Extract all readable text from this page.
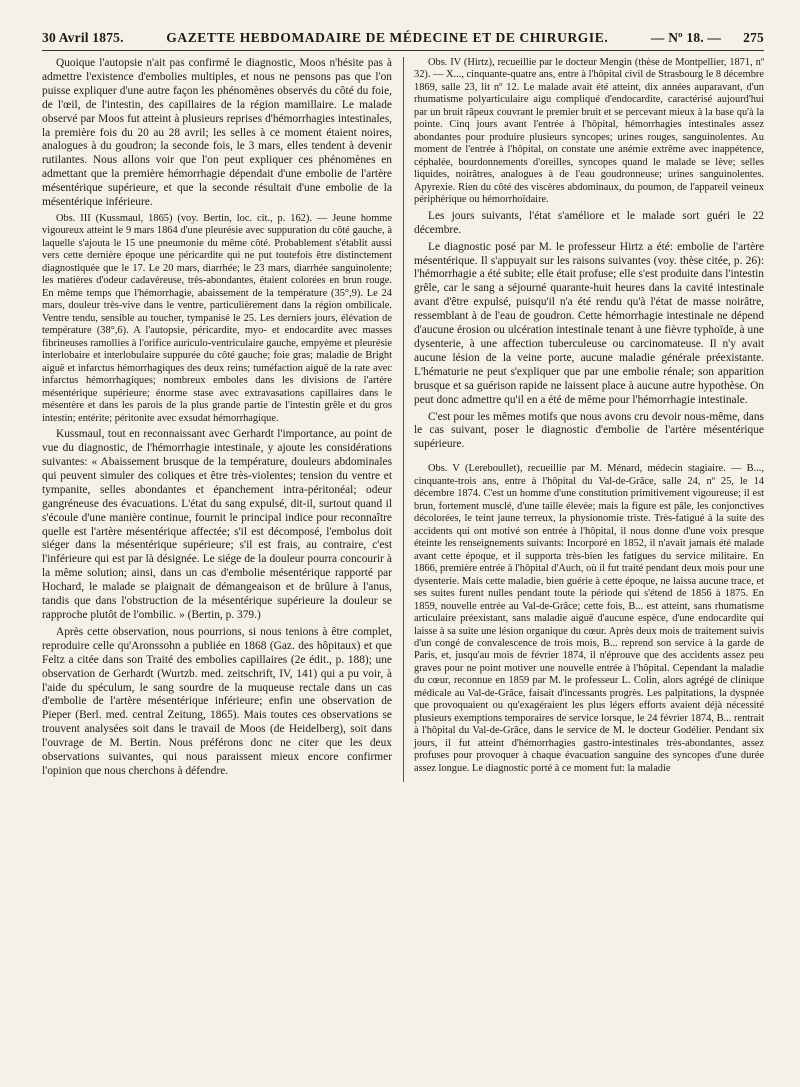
30 Avril 1875.	GAZETTE HEBDOMADAIRE DE MÉDECINE ET DE CHIRURGIE.	— Nº 18. — 275

Quoique l'autopsie n'ait pas confirmé le diagnostic, Moos n'hésite pas à admettre l'existence d'embolies multiples, et nous ne pensons pas que l'on puisse expliquer d'une autre façon les phénomènes observés du côté du foie, de l'œil, de l'intestin, des capillaires de la région mamillaire. Le malade observé par Moos fut atteint à plusieurs reprises d'hémorrhagies intestinales, la première fois du 20 au 28 avril; les selles à ce moment étaient noires, analogues à du goudron; la seconde fois, le 3 mars, elles tendent à devenir rutilantes. Nous allons voir que l'on peut expliquer ces phénomènes en admettant que la première hémorrhagie dépendait d'une embolie de l'artère mésentérique supérieure, et que la seconde résultait d'une embolie de la mésentérique inférieure.

Obs. III (Kussmaul, 1865) (voy. Bertin, loc. cit., p. 162). — Jeune homme vigoureux atteint le 9 mars 1864 d'une pleurésie avec suppuration du côté gauche, à laquelle s'ajouta le 15 une pneumonie du même côté. Probablement s'établit aussi vers cette dernière époque une péricardite qui ne put toutefois être distinctement diagnostiquée que le 17. Le 20 mars, diarrhée; le 23 mars, diarrhée sanguinolente; les matières d'odeur cadavéreuse, très-abondantes, étaient colorées en brun rouge. En même temps que l'hémorrhagie, abaissement de la température (35°,9). Le 24 mars, douleur très-vive dans le ventre, particulièrement dans la région ombilicale. Ventre tendu, sensible au toucher, tympanisé le 25. Les derniers jours, élévation de température (38°,6). A l'autopsie, péricardite, myo- et endocardite avec masses fibrineuses ramollies à l'orifice auriculo-ventriculaire gauche, empyème et pleurésie interlobaire et interlobulaire suppurée du côté gauche; foie gras; maladie de Bright aiguë et infarctus hémorrhagiques des deux reins; tuméfaction aiguë de la rate avec infarctus hémorrhagiques; nombreux emboles dans les divisions de l'artère mésentérique supérieure; énorme stase avec extravasations capillaires dans le mésentère et dans les parois de la plus grande partie de l'intestin grêle et du gros intestin; entérite; péritonite avec exsudat hémorrhagique.

Kussmaul, tout en reconnaissant avec Gerhardt l'importance, au point de vue du diagnostic, de l'hémorrhagie intestinale, y ajoute les considérations suivantes: « Abaissement brusque de la température, douleurs abdominales qui peuvent simuler des coliques et être très-violentes; tension du ventre et tympanite, selles abondantes et épanchement intra-péritonéal; odeur gangréneuse des évacuations. L'état du sang expulsé, dit-il, surtout quand il s'écoule d'une manière continue, fournit le principal indice pour reconnaître quelle est l'artère mésentérique affectée; s'il est décomposé, l'embolus doit siéger dans la mésentérique supérieure; s'il est frais, au contraire, c'est l'inférieure qui est par là désignée. Le siége de la douleur pourra concourir à la même solution; ainsi, dans un cas d'embolie mésentérique rapporté par Hochard, le malade se plaignait de démangeaison et de brûlure à l'anus, tandis que dans l'obstruction de la mésentérique supérieure la douleur se rapproche plutôt de l'ombilic. » (Bertin, p. 379.)

Après cette observation, nous pourrions, si nous tenions à être complet, reproduire celle qu'Aronssohn a publiée en 1868 (Gaz. des hôpitaux) et que Feltz a citée dans son Traité des embolies capillaires (2e édit., p. 188); une observation de Gerhardt (Wurtzb. med. zeitschrift, IV, 141) qui a pu voir, à l'aide du spéculum, le sang sourdre de la muqueuse rectale dans un cas d'embolie de l'artère mésentérique inférieure; enfin une observation de Pieper (Berl. med. central Zeitung, 1865). Mais toutes ces observations se trouvent analysées soit dans le travail de Moos (de Heidelberg), soit dans l'ouvrage de M. Bertin. Nous préférons donc ne citer que les deux observations suivantes, qui nous paraissent mieux encore confirmer l'opinion que nous cherchons à défendre.

Obs. IV (Hirtz), recueillie par le docteur Mengin (thèse de Montpellier, 1871, nº 32). — X..., cinquante-quatre ans, entre à l'hôpital civil de Strasbourg le 8 décembre 1869, salle 23, lit nº 12. Le malade avait été atteint, dix années auparavant, d'un rhumatisme polyarticulaire aigu compliqué d'endocardite, caractérisé aujourd'hui par un bruit râpeux couvrant le premier bruit et se percevant mieux à la base qu'à la pointe. Cinq jours avant l'entrée à l'hôpital, hémorrhagies intestinales assez abondantes pour produire plusieurs syncopes; urines rouges, sanguinolentes. Au moment de l'entrée à l'hôpital, on constate une anémie extrême avec inappétence, céphalée, bourdonnements d'oreilles, syncopes quand le malade se lève; selles liquides, noirâtres, analogues à de l'eau goudronneuse; urines sanguinolentes. Apyrexie. Rien du côté des viscères abdominaux, du poumon, de l'appareil veineux périphérique ou hémorrhoïdaire.

Les jours suivants, l'état s'améliore et le malade sort guéri le 22 décembre.

Le diagnostic posé par M. le professeur Hirtz a été: embolie de l'artère mésentérique. Il s'appuyait sur les raisons suivantes (voy. thèse citée, p. 26): l'hémorrhagie a été subite; elle était profuse; elle s'est produite dans l'intestin grêle, car le sang a séjourné quarante-huit heures dans la cavité intestinale avant d'être expulsé, puisqu'il n'a été rendu qu'à l'état de masse noirâtre, ressemblant à de l'eau de goudron. Cette hémorrhagie intestinale ne dépend d'aucune érosion ou ulcération intestinale tenant à une fièvre typhoïde, à une dysenterie, à une affection tuberculeuse ou carcinomateuse. Il n'y avait aucune lésion de la veine porte, aucune maladie générale préexistante. L'hématurie ne peut s'expliquer que par une embolie rénale; son apparition brusque et sa guérison rapide ne laissent place à aucune autre hypothèse. On peut donc admettre qu'il en a été de même pour l'hémorrhagie intestinale.

C'est pour les mêmes motifs que nous avons cru devoir nous-même, dans le cas suivant, poser le diagnostic d'embolie de l'artère mésentérique supérieure.

Obs. V (Lereboullet), recueillie par M. Ménard, médecin stagiaire. — B..., cinquante-trois ans, entre à l'hôpital du Val-de-Grâce, salle 24, nº 25, le 14 décembre 1874. C'est un homme d'une constitution primitivement vigoureuse; il est brun, fortement musclé, d'une taille élevée; mais la figure est pâle, les conjonctives décolorées, le teint jaune terreux, la physionomie triste. Très-fatigué à la suite des accidents qui ont motivé son entrée à l'hôpital, il nous donne d'une voix presque éteinte les renseignements suivants: Incorporé en 1852, il n'avait jamais été malade avant cette époque, et il supporta très-bien les fatigues du service militaire. En 1866, première entrée à l'hôpital d'Auch, où il fut traité pendant deux mois pour une dysenterie. Mais cette maladie, bien guérie à cette époque, ne laissa aucune trace, et ses suites furent nulles pendant toute la période qui s'étend de 1856 à 1875. En 1859, nouvelle entrée au Val-de-Grâce; cette fois, B... est atteint, sans rhumatisme articulaire préexistant, sans maladie aiguë d'aucune espèce, d'une endocardite qui laisse à sa suite une lésion organique du cœur. Après deux mois de traitement suivis d'un congé de convalescence de trois mois, B... reprend son service à la garde de Paris, et, jusqu'au mois de février 1874, il n'éprouve que des accidents assez peu graves pour ne point motiver une nouvelle entrée à l'hôpital. Cependant la maladie du cœur, reconnue en 1859 par M. le professeur L. Colin, alors agrégé de clinique médicale au Val-de-Grâce, faisait d'incessants progrès. Les palpitations, la dyspnée que provoquaient ou qu'exagéraient les plus légers efforts avaient déjà nécessité plusieurs exemptions temporaires de service lorsque, le 24 février 1874, B... rentrait à l'hôpital du Val-de-Grâce, dans le service de M. le docteur Godélier. Pendant six jours, il fut atteint d'hémorrhagies gastro-intestinales très-abondantes, assez profuses pour provoquer à chaque évacuation sanguine des syncopes d'une durée assez longue. Le diagnostic porté à ce moment fut: la maladie
